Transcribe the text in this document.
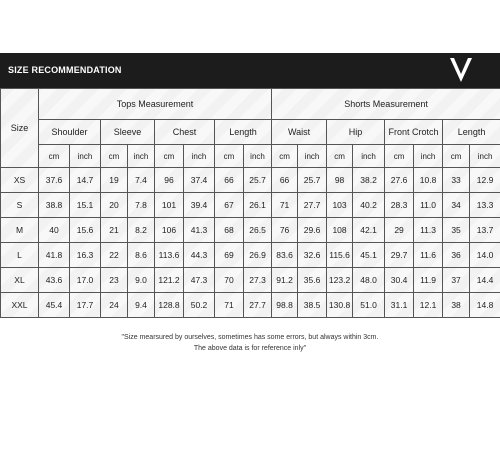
SIZE RECOMMENDATION
Size	Tops Measurement								Shorts Measurement							
	Shoulder		Sleeve		Chest		Length		Waist		Hip		Front Crotch		Length	
	cm	inch	cm	inch	cm	inch	cm	inch	cm	inch	cm	inch	cm	inch	cm	inch
XS	37.6	14.7	19	7.4	96	37.4	66	25.7	66	25.7	98	38.2	27.6	10.8	33	12.9
S	38.8	15.1	20	7.8	101	39.4	67	26.1	71	27.7	103	40.2	28.3	11.0	34	13.3
M	40	15.6	21	8.2	106	41.3	68	26.5	76	29.6	108	42.1	29	11.3	35	13.7
L	41.8	16.3	22	8.6	113.6	44.3	69	26.9	83.6	32.6	115.6	45.1	29.7	11.6	36	14.0
XL	43.6	17.0	23	9.0	121.2	47.3	70	27.3	91.2	35.6	123.2	48.0	30.4	11.9	37	14.4
XXL	45.4	17.7	24	9.4	128.8	50.2	71	27.7	98.8	38.5	130.8	51.0	31.1	12.1	38	14.8
"Size mearsured by ourselves, sometimes has some errors, but always within 3cm.
The above data is for reference inly"
